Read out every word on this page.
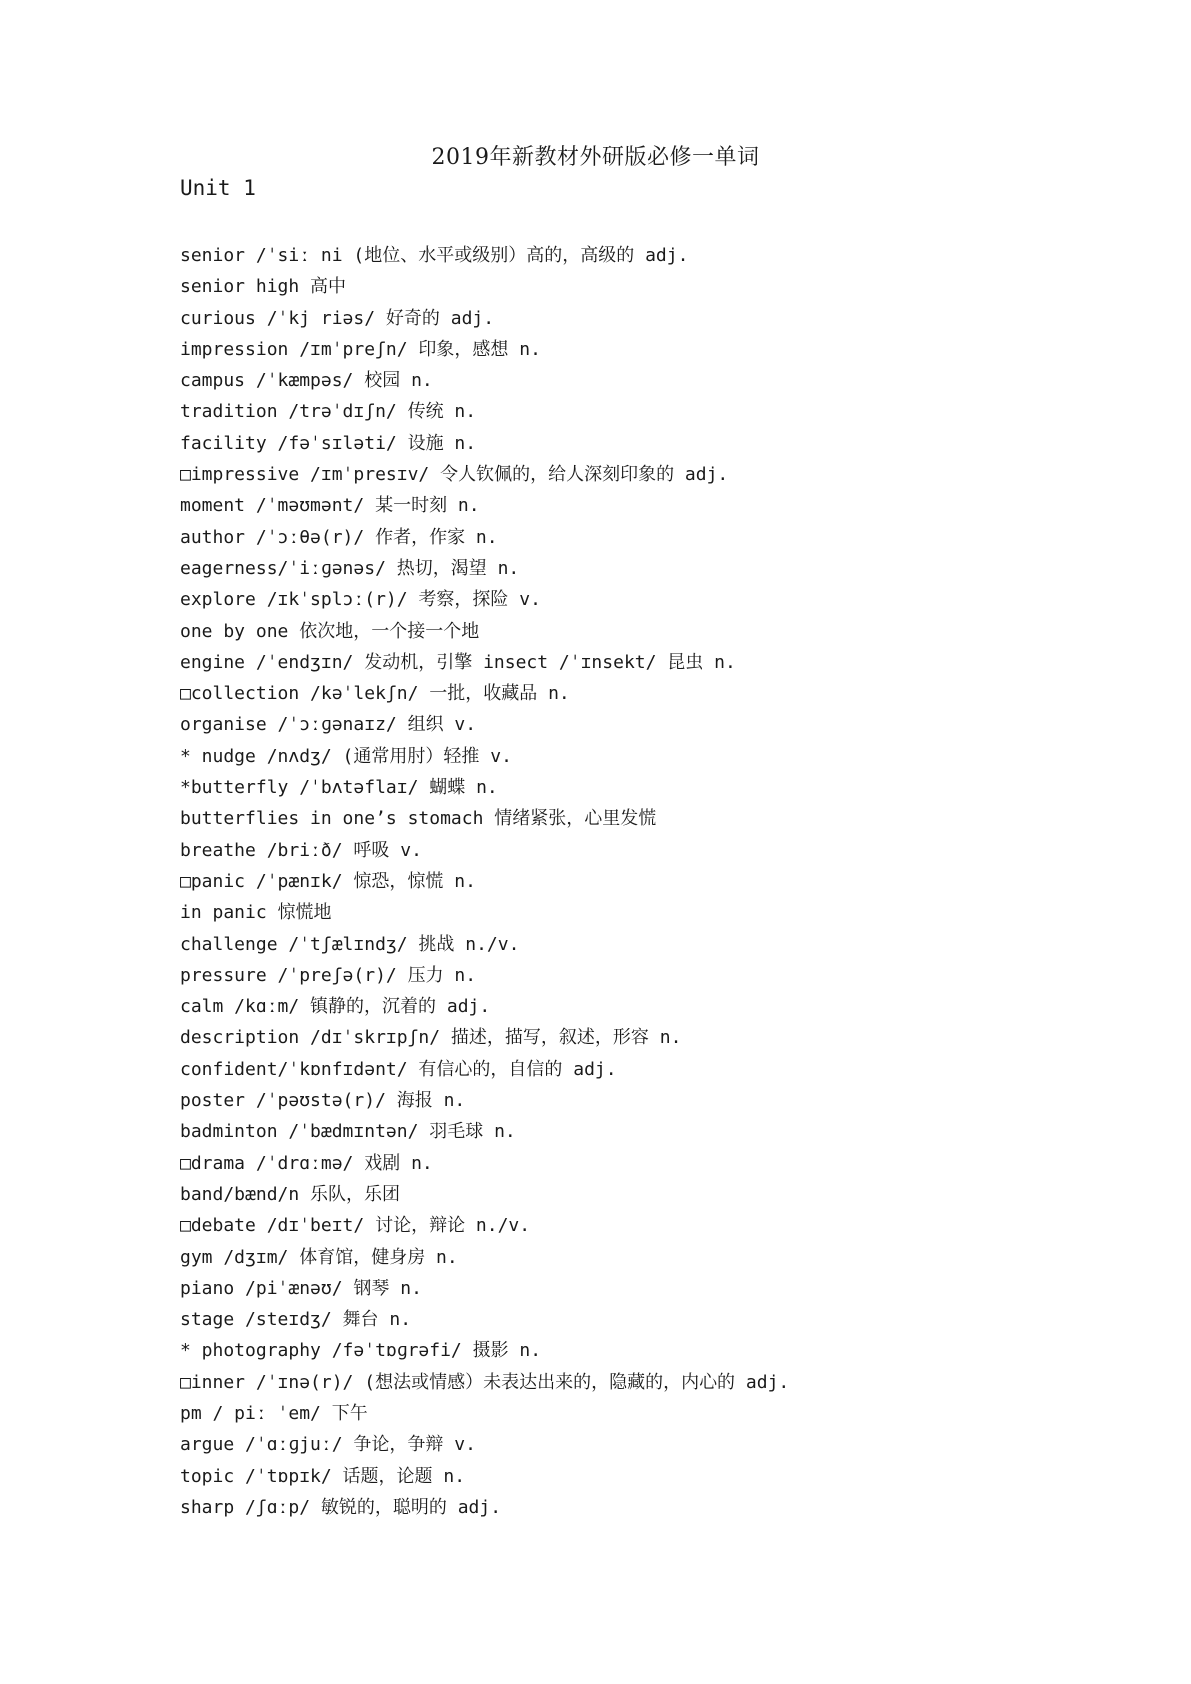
2019年新教材外研版必修一单词
Unit 1
senior /ˈsiː ni (地位、水平或级别）高的，高级的 adj.
senior high 高中
curious /ˈkj riəs/ 好奇的 adj.
impression /ɪmˈpreʃn/ 印象，感想 n.
campus /ˈkæmpəs/ 校园 n.
tradition /trəˈdɪʃn/ 传统 n.
facility /fəˈsɪləti/ 设施 n.
□impressive /ɪmˈpresɪv/ 令人钦佩的，给人深刻印象的 adj.
moment /ˈməʊmənt/ 某一时刻 n.
author /ˈɔːθə(r)/ 作者，作家 n.
eagerness/ˈiːɡənəs/ 热切，渴望 n.
explore /ɪkˈsplɔː(r)/ 考察，探险 v.
one by one 依次地，一个接一个地
engine /ˈendʒɪn/ 发动机，引擎 insect /ˈɪnsekt/ 昆虫 n.
□collection /kəˈlekʃn/ 一批，收藏品 n.
organise /ˈɔːɡənaɪz/ 组织 v.
* nudge /nʌdʒ/ (通常用肘）轻推 v.
*butterfly /ˈbʌtəflaɪ/ 蝴蝶 n.
butterflies in one’s stomach 情绪紧张，心里发慌
breathe /briːð/ 呼吸 v.
□panic /ˈpænɪk/ 惊恐，惊慌 n.
in panic 惊慌地
challenge /ˈtʃælɪndʒ/ 挑战 n./v.
pressure /ˈpreʃə(r)/ 压力 n.
calm /kɑːm/ 镇静的，沉着的 adj.
description /dɪˈskrɪpʃn/ 描述，描写，叙述，形容 n.
confident/ˈkɒnfɪdənt/ 有信心的，自信的 adj.
poster /ˈpəʊstə(r)/ 海报 n.
badminton /ˈbædmɪntən/ 羽毛球 n.
□drama /ˈdrɑːmə/ 戏剧 n.
band/bænd/n 乐队，乐团
□debate /dɪˈbeɪt/ 讨论，辩论 n./v.
gym /dʒɪm/ 体育馆，健身房 n.
piano /piˈænəʊ/ 钢琴 n.
stage /steɪdʒ/ 舞台 n.
* photography /fəˈtɒɡrəfi/ 摄影 n.
□inner /ˈɪnə(r)/ (想法或情感）未表达出来的，隐藏的，内心的 adj.
pm / piː ˈem/ 下午
argue /ˈɑːɡjuː/ 争论，争辩 v.
topic /ˈtɒpɪk/ 话题，论题 n.
sharp /ʃɑːp/ 敏锐的，聪明的 adj.
